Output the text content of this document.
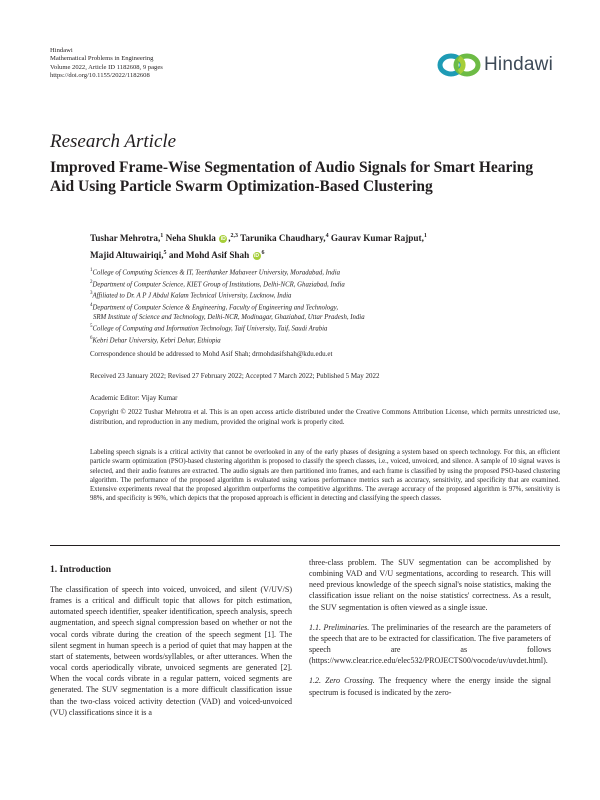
Hindawi
Mathematical Problems in Engineering
Volume 2022, Article ID 1182608, 9 pages
https://doi.org/10.1155/2022/1182608
Hindawi
Research Article
Improved Frame-Wise Segmentation of Audio Signals for Smart Hearing Aid Using Particle Swarm Optimization-Based Clustering
Tushar Mehrotra,$^1$ Neha Shukla iD ,$^{2,3}$ Tarunika Chaudhary,$^4$ Gaurav Kumar Rajput,$^1$
Majid Altuwairiqi,$^5$ and Mohd Asif Shah iD $^6$
$^1$College of Computing Sciences & IT, Teerthanker Mahaveer University, Moradabad, India
$^2$Department of Computer Science, KIET Group of Institutions, Delhi-NCR, Ghaziabad, India
$^3$Affiliated to Dr. A P J Abdul Kalam Technical University, Lucknow, India
$^4$Department of Computer Science & Engineering, Faculty of Engineering and Technology,
SRM Institute of Science and Technology, Delhi-NCR, Modinagar, Ghaziabad, Uttar Pradesh, India
$^5$College of Computing and Information Technology, Taif University, Taif, Saudi Arabia
$^6$Kebri Dehar University, Kebri Dehar, Ethiopia
Correspondence should be addressed to Mohd Asif Shah; drmohdasifshah@kdu.edu.et
Received 23 January 2022; Revised 27 February 2022; Accepted 7 March 2022; Published 5 May 2022
Academic Editor: Vijay Kumar
Copyright © 2022 Tushar Mehrotra et al. This is an open access article distributed under the Creative Commons Attribution License, which permits unrestricted use, distribution, and reproduction in any medium, provided the original work is properly cited.
Labeling speech signals is a critical activity that cannot be overlooked in any of the early phases of designing a system based on speech technology. For this, an efficient particle swarm optimization (PSO)-based clustering algorithm is proposed to classify the speech classes, i.e., voiced, unvoiced, and silence. A sample of 10 signal waves is selected, and their audio features are extracted. The audio signals are then partitioned into frames, and each frame is classified by using the proposed PSO-based clustering algorithm. The performance of the proposed algorithm is evaluated using various performance metrics such as accuracy, sensitivity, and specificity that are examined. Extensive experiments reveal that the proposed algorithm outperforms the competitive algorithms. The average accuracy of the proposed algorithm is 97%, sensitivity is 98%, and specificity is 96%, which depicts that the proposed approach is efficient in detecting and classifying the speech classes.
1. Introduction
The classification of speech into voiced, unvoiced, and silent (V/UV/S) frames is a critical and difficult topic that allows for pitch estimation, automated speech identifier, speaker identification, speech analysis, speech augmentation, and speech signal compression based on whether or not the vocal cords vibrate during the creation of the speech segment [1]. The silent segment in human speech is a period of quiet that may happen at the start of statements, between words/syllables, or after utterances. When the vocal cords aperiodically vibrate, unvoiced segments are generated [2]. When the vocal cords vibrate in a regular pattern, voiced segments are generated. The SUV segmentation is a more difficult classification issue than the two-class voiced activity detection (VAD) and voiced-unvoiced (VU) classifications since it is a
three-class problem. The SUV segmentation can be accomplished by combining VAD and V/U segmentations, according to research. This will need previous knowledge of the speech signal's noise statistics, making the classification issue reliant on the noise statistics' correctness. As a result, the SUV segmentation is often viewed as a single issue.
1.1. Preliminaries. The preliminaries of the research are the parameters of the speech that are to be extracted for classification. The five parameters of speech are as follows (https://www.clear.rice.edu/elec532/PROJECTS00/vocode/uv/uvdet.html).
1.2. Zero Crossing. The frequency where the energy inside the signal spectrum is focused is indicated by the zero-
